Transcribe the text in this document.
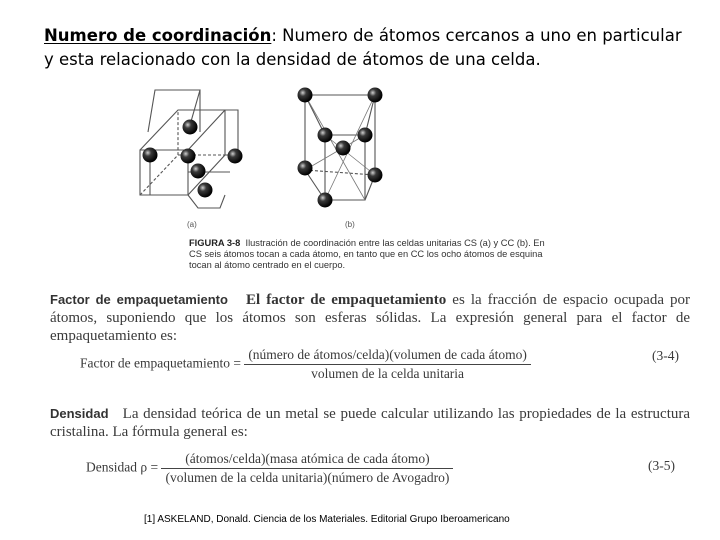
Numero de coordinación: Numero de átomos cercanos a uno en particular y esta relacionado con la densidad de átomos de una celda.
(a)	(b)
FIGURA 3-8 Ilustración de coordinación entre las celdas unitarias CS (a) y CC (b). En CS seis átomos tocan a cada átomo, en tanto que en CC los ocho átomos de esquina tocan al átomo centrado en el cuerpo.
Factor de empaquetamiento El factor de empaquetamiento es la fracción de espacio ocupada por átomos, suponiendo que los átomos son esferas sólidas. La expresión general para el factor de empaquetamiento es:
Factor de empaquetamiento = $\frac{\text{(número de átomos/celda)(volumen de cada átomo)}}{\text{volumen de la celda unitaria}}$	(3-4)
Densidad La densidad teórica de un metal se puede calcular utilizando las propiedades de la estructura cristalina. La fórmula general es:
Densidad $\rho = \frac{\text{(átomos/celda)(masa atómica de cada átomo)}}{\text{(volumen de la celda unitaria)(número de Avogadro)}}$	(3-5)
[1] ASKELAND, Donald. Ciencia de los Materiales. Editorial Grupo Iberoamericano
